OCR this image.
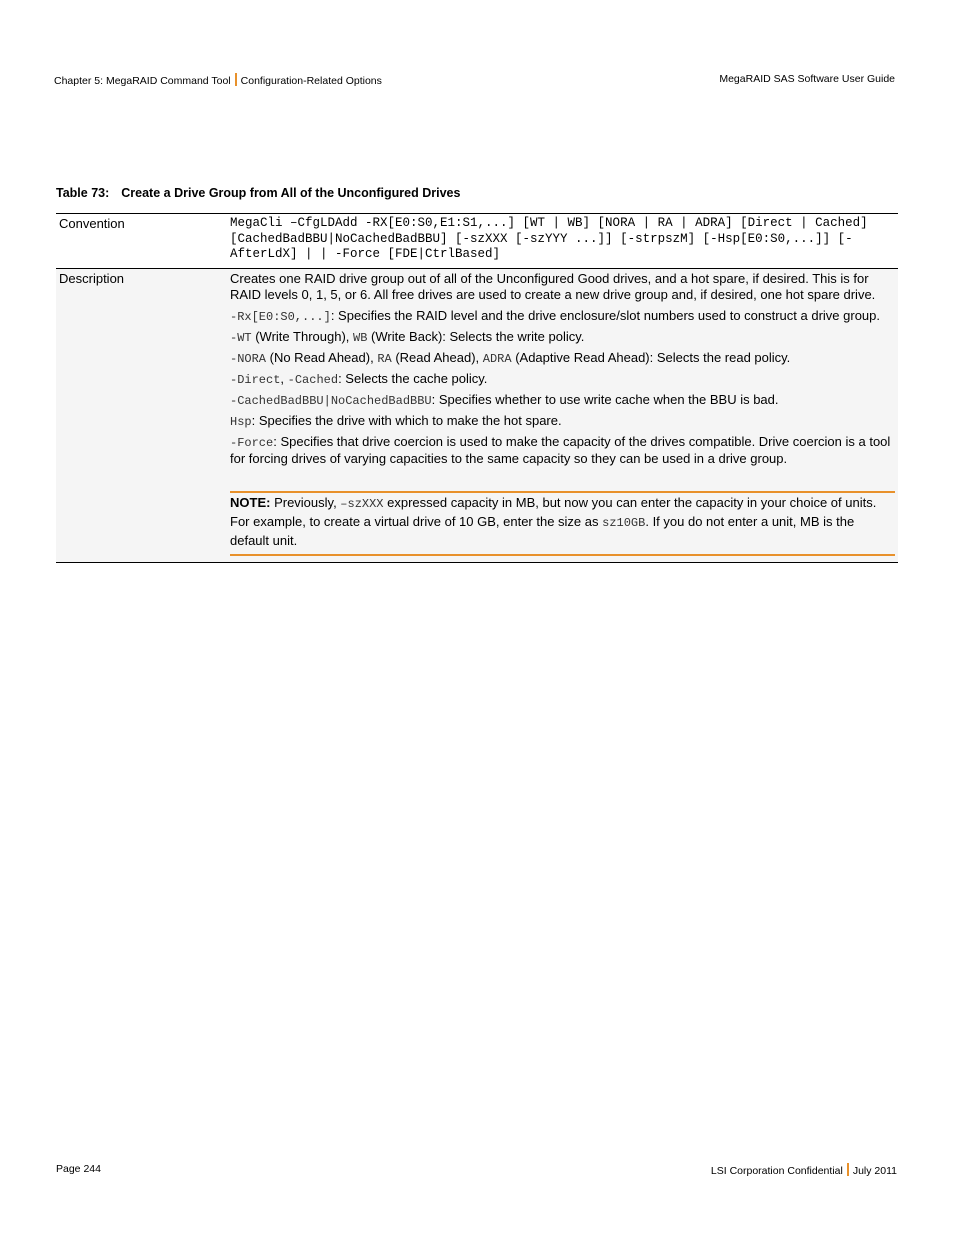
Chapter 5: MegaRAID Command Tool Configuration-Related Options	MegaRAID SAS Software User Guide
Table 73: Create a Drive Group from All of the Unconfigured Drives
Convention	MegaCli –CfgLDAdd -RX[E0:S0,E1:S1,...] [WT | WB] [NORA | RA | ADRA] [Direct | Cached] [CachedBadBBU|NoCachedBadBBU] [-szXXX [-szYYY ...]] [-strpszM] [-Hsp[E0:S0,...]] [-AfterLdX] | | -Force [FDE|CtrlBased]
Description	Creates one RAID drive group out of all of the Unconfigured Good drives, and a hot spare, if desired. This is for RAID levels 0, 1, 5, or 6. All free drives are used to create a new drive group and, if desired, one hot spare drive.

-Rx[E0:S0,...]: Specifies the RAID level and the drive enclosure/slot numbers used to construct a drive group.

-WT (Write Through), WB (Write Back): Selects the write policy.

-NORA (No Read Ahead), RA (Read Ahead), ADRA (Adaptive Read Ahead): Selects the read policy.

-Direct, -Cached: Selects the cache policy.

-CachedBadBBU|NoCachedBadBBU: Specifies whether to use write cache when the BBU is bad.

Hsp: Specifies the drive with which to make the hot spare.

-Force: Specifies that drive coercion is used to make the capacity of the drives compatible. Drive coercion is a tool for forcing drives of varying capacities to the same capacity so they can be used in a drive group.

NOTE: Previously, –szXXX expressed capacity in MB, but now you can enter the capacity in your choice of units. For example, to create a virtual drive of 10 GB, enter the size as sz10GB. If you do not enter a unit, MB is the default unit.
Page 244	LSI Corporation Confidential July 2011
